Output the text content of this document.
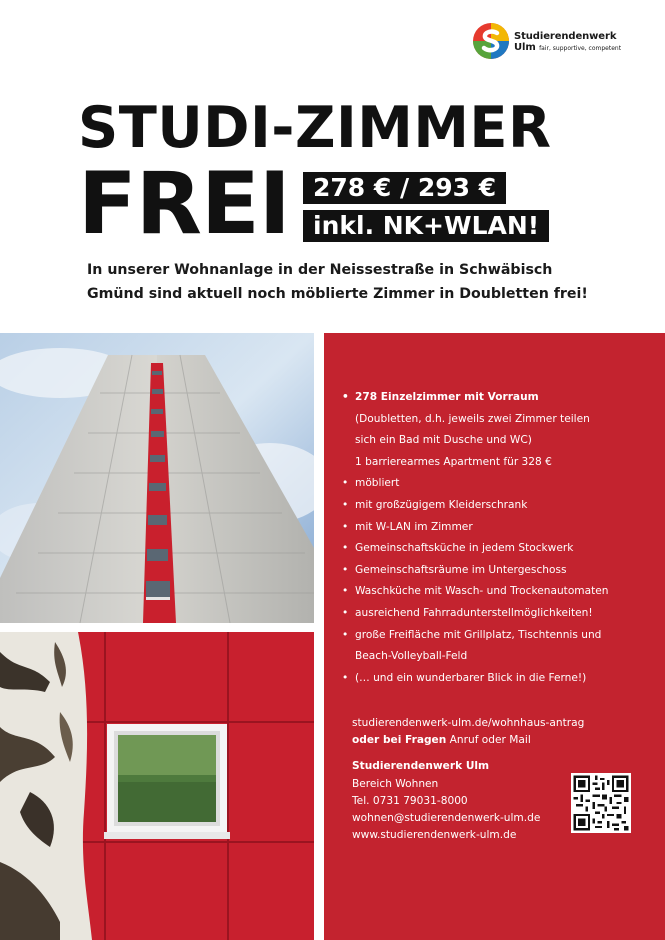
Studierendenwerk
Ulm fair, supportive, competent
STUDI-ZIMMER
FREI 278 € / 293 €
inkl. NK+WLAN!
In unserer Wohnanlage in der Neissestraße in Schwäbisch
Gmünd sind aktuell noch möblierte Zimmer in Doubletten frei!
• 278 Einzelzimmer mit Vorraum
(Doubletten, d.h. jeweils zwei Zimmer teilen
sich ein Bad mit Dusche und WC)
1 barrierearmes Apartment für 328 €
• möbliert
• mit großzügigem Kleiderschrank
• mit W-LAN im Zimmer
• Gemeinschaftsküche in jedem Stockwerk
• Gemeinschaftsräume im Untergeschoss
• Waschküche mit Wasch- und Trockenautomaten
• ausreichend Fahrradunterstellmöglichkeiten!
• große Freifläche mit Grillplatz, Tischtennis und
Beach-Volleyball-Feld
• (… und ein wunderbarer Blick in die Ferne!)
studierendenwerk-ulm.de/wohnhaus-antrag
oder bei Fragen Anruf oder Mail
Studierendenwerk Ulm
Bereich Wohnen
Tel. 0731 79031-8000
wohnen@studierendenwerk-ulm.de
www.studierendenwerk-ulm.de
